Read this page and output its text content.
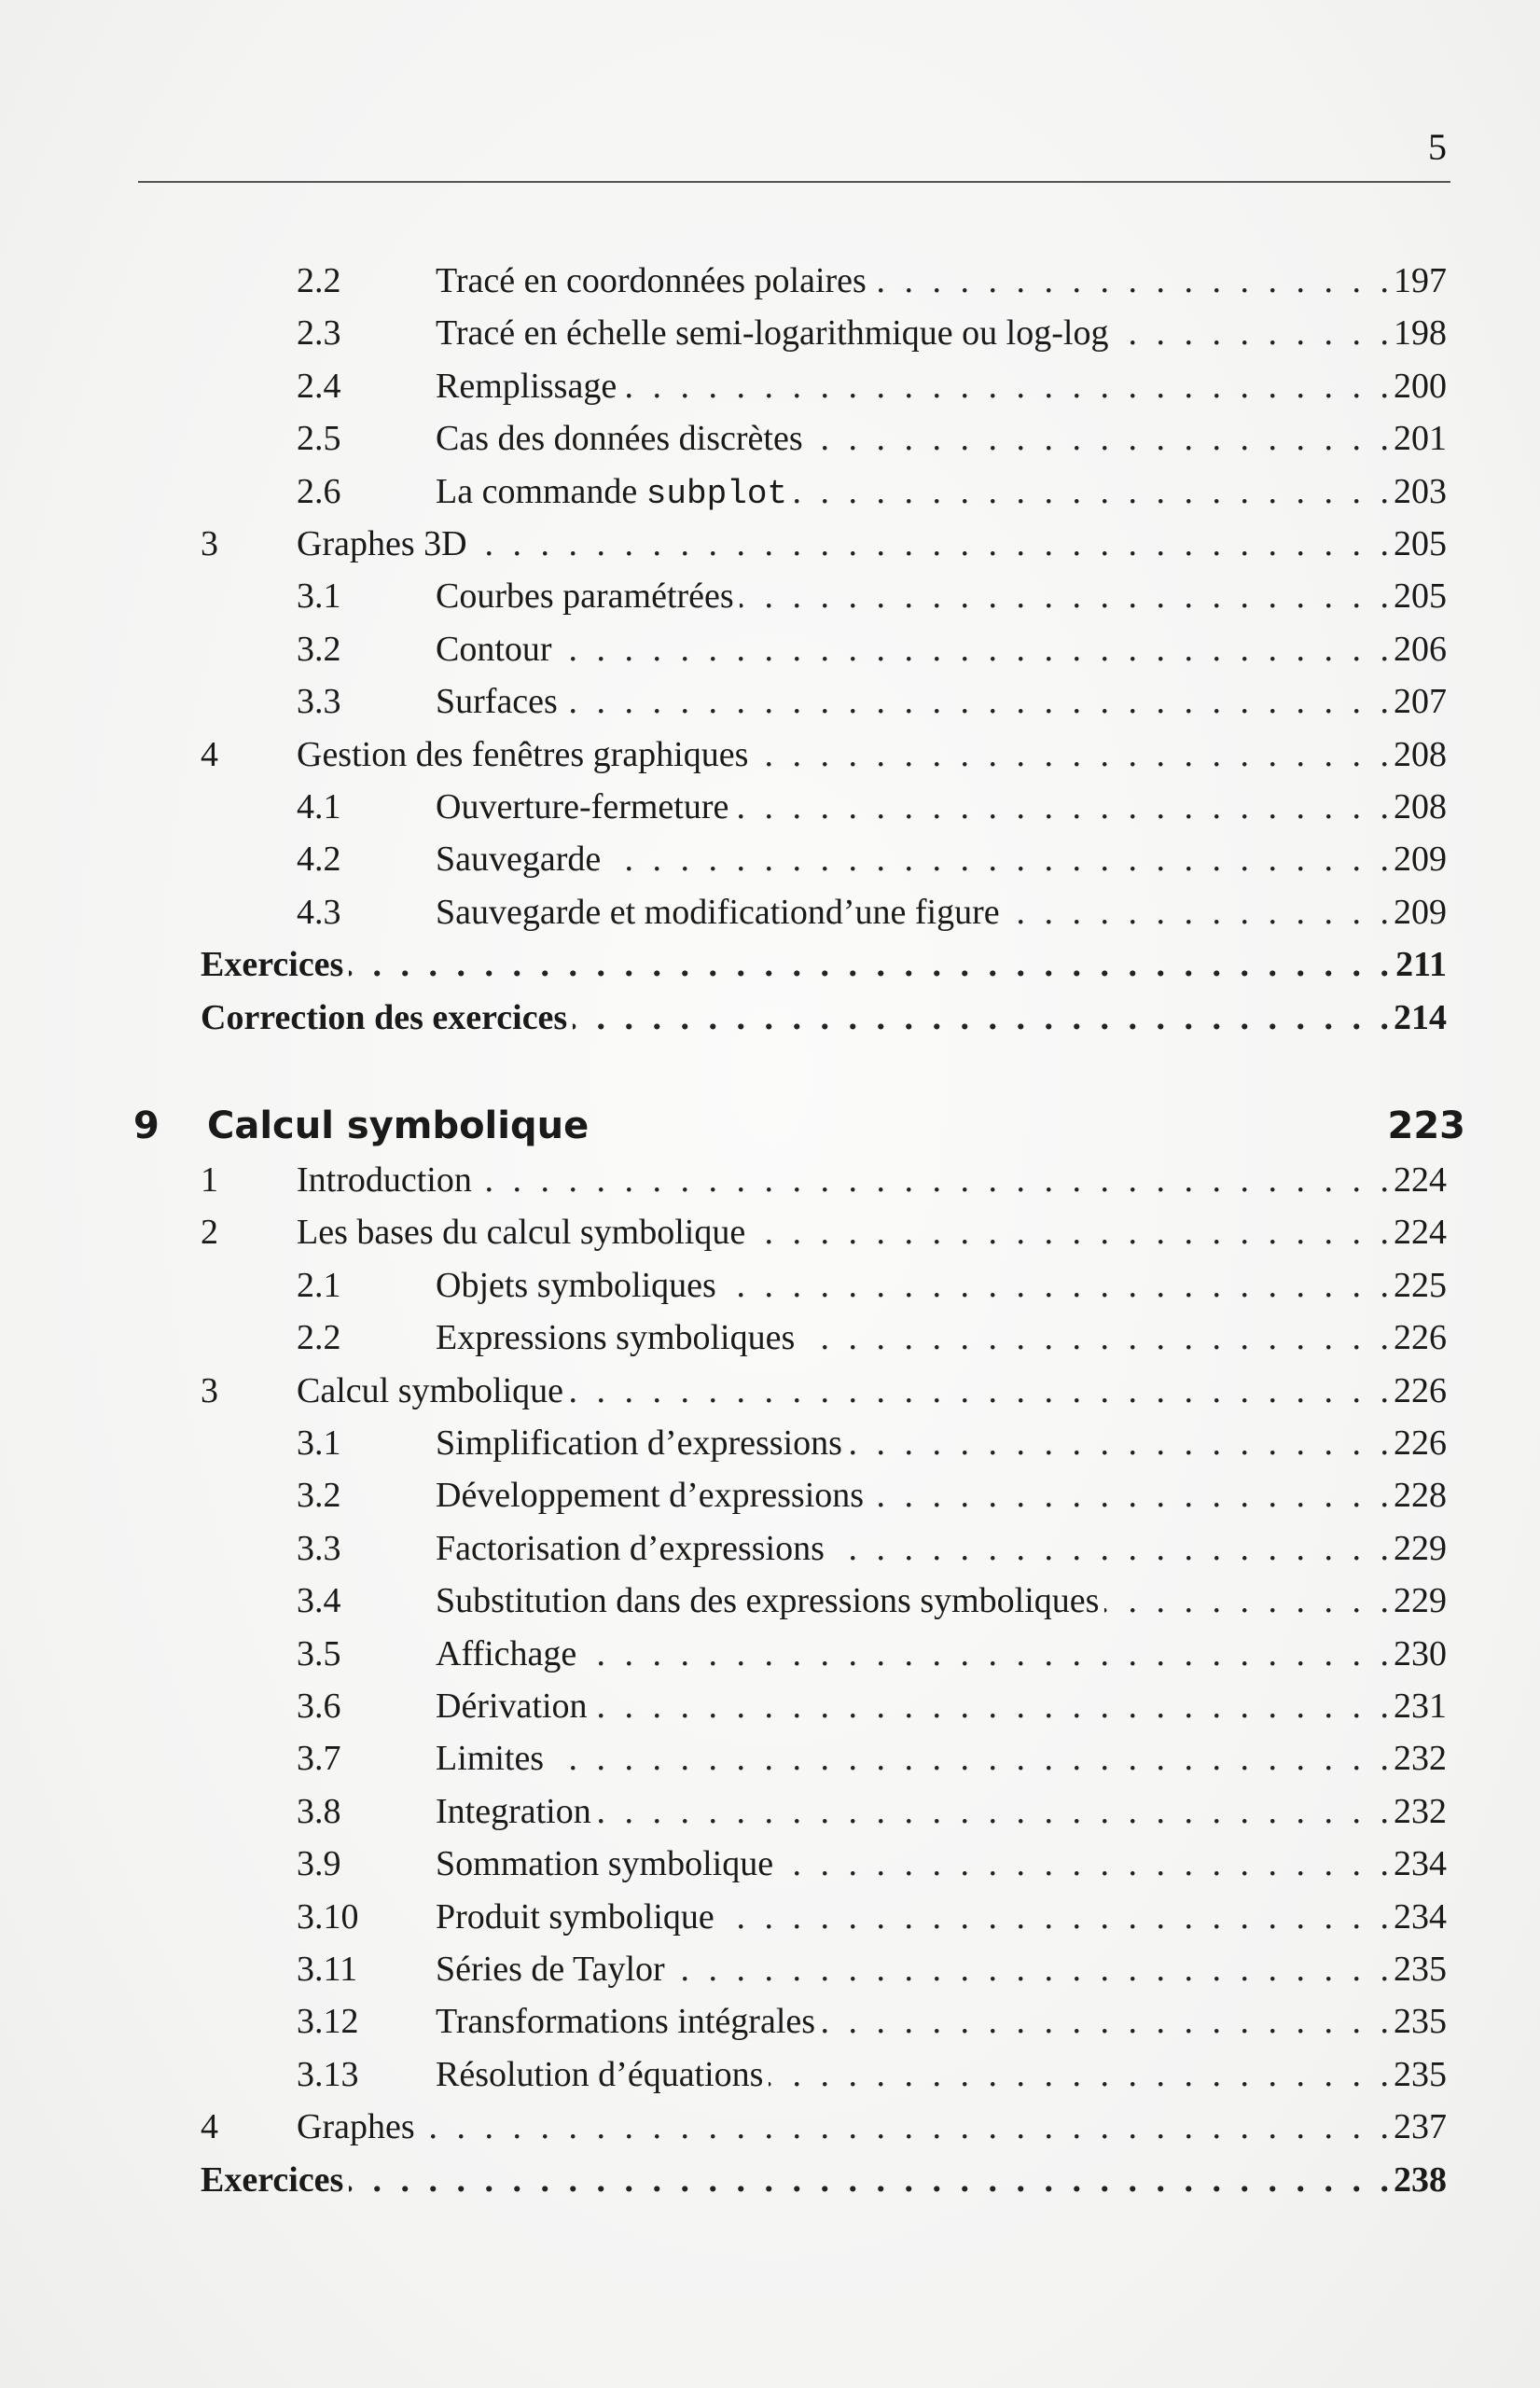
5
2.2	Tracé en coordonnées polaires . . .	197
2.3	Tracé en échelle semi-logarithmique ou log-log . . .	198
2.4	Remplissage . . .	200
2.5	Cas des données discrètes . . .	201
2.6	La commande subplot . . .	203
3 Graphes 3D . . .	205
3.1	Courbes paramétrées . . .	205
3.2	Contour . . .	206
3.3	Surfaces . . .	207
4 Gestion des fenêtres graphiques . . .	208
4.1	Ouverture-fermeture . . .	208
4.2	Sauvegarde . . .	209
4.3	Sauvegarde et modificationd’une figure . . .	209
Exercices . . .	211
Correction des exercices . . .	214
9 Calcul symbolique	223
1 Introduction . . .	224
2 Les bases du calcul symbolique . . .	224
2.1	Objets symboliques . . .	225
2.2	Expressions symboliques . . .	226
3 Calcul symbolique . . .	226
3.1	Simplification d’expressions . . .	226
3.2	Développement d’expressions . . .	228
3.3	Factorisation d’expressions . . .	229
3.4	Substitution dans des expressions symboliques . . .	229
3.5	Affichage . . .	230
3.6	Dérivation . . .	231
3.7	Limites . . .	232
3.8	Integration . . .	232
3.9	Sommation symbolique . . .	234
3.10 Produit symbolique . . .	234
3.11 Séries de Taylor . . .	235
3.12 Transformations intégrales . . .	235
3.13 Résolution d’équations . . .	235
4 Graphes . . .	237
Exercices . . .	238
